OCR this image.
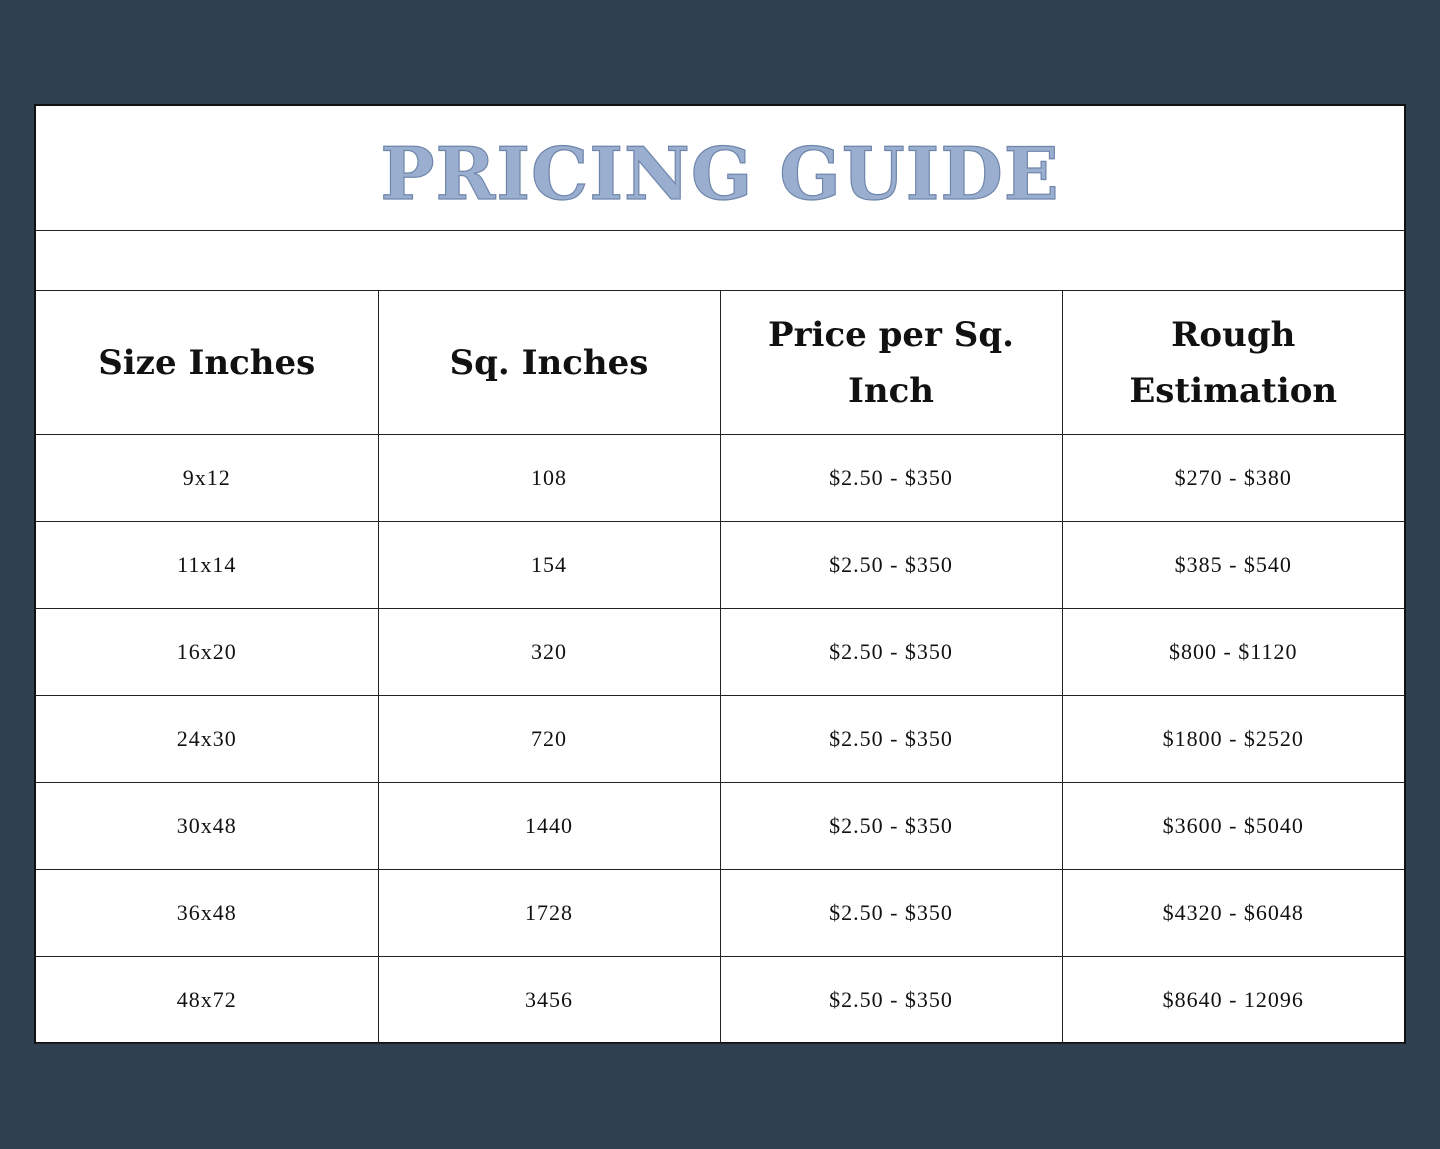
PRICING GUIDE
Size Inches	Sq. Inches	Price per Sq. Inch	Rough Estimation
9x12	108	$2.50 - $350	$270 - $380
11x14	154	$2.50 - $350	$385 - $540
16x20	320	$2.50 - $350	$800 - $1120
24x30	720	$2.50 - $350	$1800 - $2520
30x48	1440	$2.50 - $350	$3600 - $5040
36x48	1728	$2.50 - $350	$4320 - $6048
48x72	3456	$2.50 - $350	$8640 - 12096
